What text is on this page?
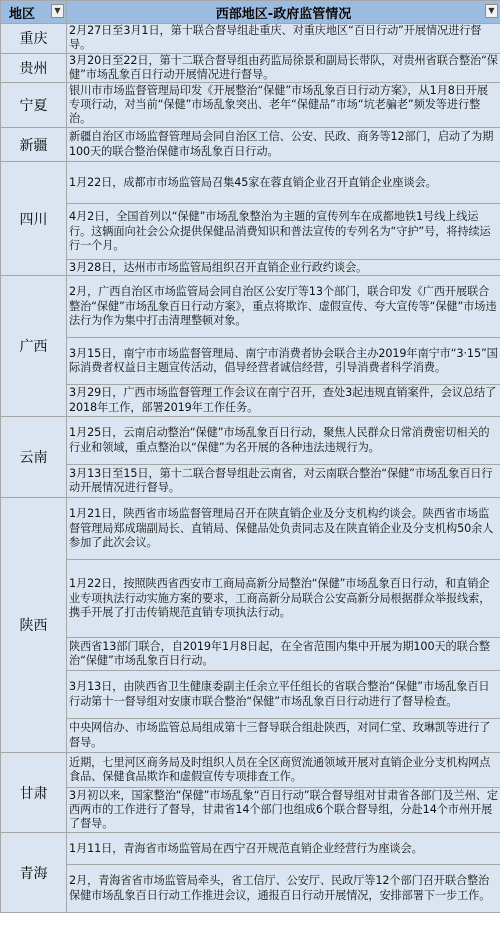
地区 ▼	西部地区-政府监管情况 ▼

重庆	2月27日至3月1日，第十联合督导组赴重庆、对重庆地区“百日行动”开展情况进行督导。
贵州	3月20日至22日，第十二联合督导组由药监局徐景和副局长带队，对贵州省联合整治“保健”市场乱象百日行动开展情况进行督导。
宁夏	银川市市场监督管理局印发《开展整治“保健”市场乱象百日行动方案》，从1月8日开展专项行动，对当前“保健”市场乱象突出、老年“保健品”市场“坑老骗老”频发等进行整治。
新疆	新疆自治区市场监督管理局会同自治区工信、公安、民政、商务等12部门，启动了为期100天的联合整治保健市场乱象百日行动。
四川	1月22日，成都市市场监管局召集45家在蓉直销企业召开直销企业座谈会。
	4月2日，全国首列以“保健”市场乱象整治为主题的宣传列车在成都地铁1号线上线运行。这辆面向社会公众提供保健品消费知识和普法宣传的专列名为“守护”号，将持续运行一个月。
	3月28日，达州市市场监管局组织召开直销企业行政约谈会。
广西	2月，广西自治区市场监管局会同自治区公安厅等13个部门，联合印发《广西开展联合整治“保健”市场乱象百日行动方案》，重点将欺诈、虚假宣传、夸大宣传等“保健”市场违法行为作为集中打击清理整顿对象。
	3月15日，南宁市市场监督管理局、南宁市消费者协会联合主办2019年南宁市“3·15”国际消费者权益日主题宣传活动，倡导经营者诚信经营，引导消费者科学消费。
	3月29日，广西市场监督管理工作会议在南宁召开，查处3起违规直销案件，会议总结了2018年工作，部署2019年工作任务。
云南	1月25日，云南启动整治“保健”市场乱象百日行动，聚焦人民群众日常消费密切相关的行业和领域，重点整治以“保健”为名开展的各种违法违规行为。
	3月13日至15日，第十二联合督导组赴云南省，对云南联合整治“保健”市场乱象百日行动开展情况进行督导。
陕西	1月21日，陕西省市场监督管理局召开在陕直销企业及分支机构约谈会。陕西省市场监督管理局郑成瑞副局长、直销局、保健品处负责同志及在陕直销企业及分支机构50余人参加了此次会议。
	1月22日，按照陕西省西安市工商局高新分局整治“保健”市场乱象百日行动，和直销企业专项执法行动实施方案的要求，工商高新分局联合公安高新分局根据群众举报线索，携手开展了打击传销规范直销专项执法行动。
	陕西省13部门联合，自2019年1月8日起，在全省范围内集中开展为期100天的联合整治“保健”市场乱象百日行动。
	3月13日，由陕西省卫生健康委副主任余立平任组长的省联合整治“保健”市场乱象百日行动第十一督导组对安康市联合整治“保健”市场乱象百日行动进行了督导检查。
	中央网信办、市场监管总局组成第十三督导联合组赴陕西，对同仁堂、玫琳凯等进行了督导。
甘肃	近期，七里河区商务局及时组织人员在全区商贸流通领域开展对直销企业分支机构网点食品、保健食品欺诈和虚假宣传专项排查工作。
	3月初以来，国家整治“保健”市场乱象“百日行动”联合督导组对甘肃省各部门及兰州、定西两市的工作进行了督导，甘肃省14个部门也组成6个联合督导组，分赴14个市州开展了督导。
青海	1月11日，青海省市场监管局在西宁召开规范直销企业经营行为座谈会。
	2月，青海省省市场监管局牵头，省工信厅、公安厅、民政厅等12个部门召开联合整治保健市场乱象百日行动工作推进会议，通报百日行动开展情况，安排部署下一步工作。
